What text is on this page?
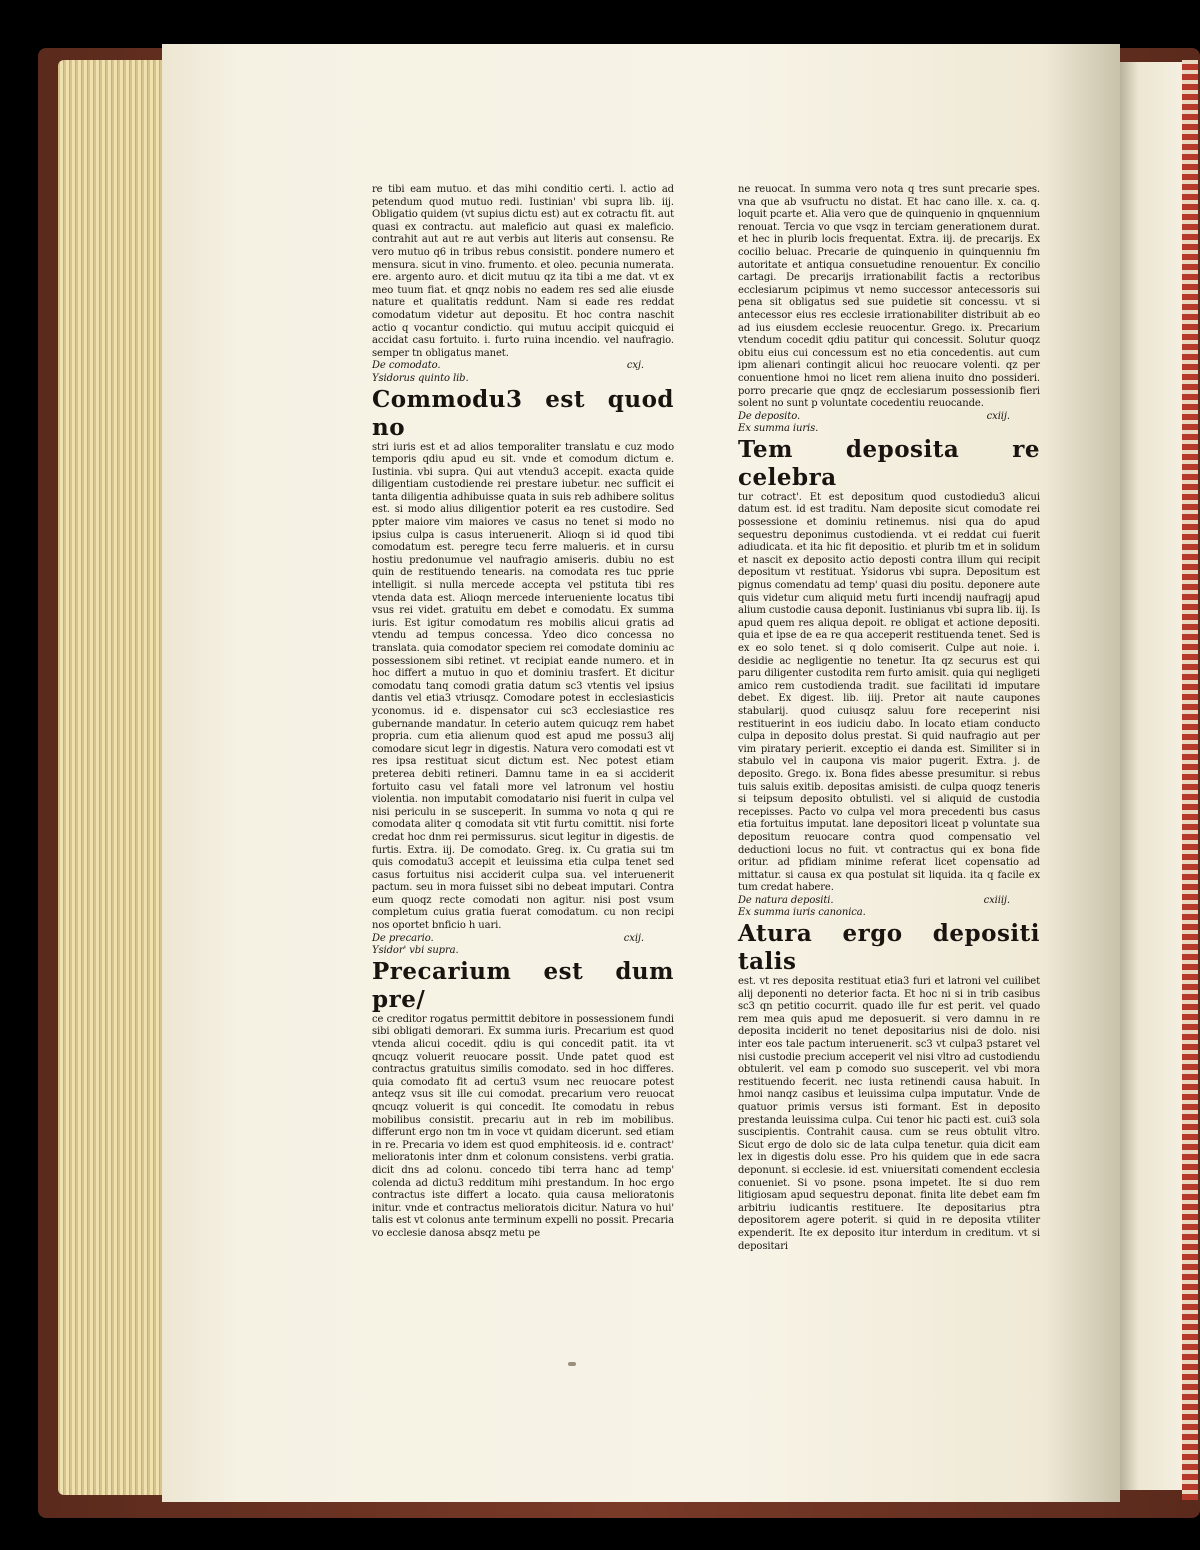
re tibi eam mutuo. et das mihi conditio certi. l. actio ad petendum quod mutuo redi. Iustinian' vbi supra lib. iij. Obligatio quidem (vt supius dictu est) aut ex cotractu fit. aut quasi ex contractu. aut maleficio aut quasi ex maleficio. contrahit aut aut re aut verbis aut literis aut consensu. Re vero mutuo q6 in tribus rebus consistit. pondere numero et mensura. sicut in vino. frumento. et oleo. pecunia numerata. ere. argento auro. et dicit mutuu qz ita tibi a me dat. vt ex meo tuum fiat. et qnqz nobis no eadem res sed alie eiusde nature et qualitatis reddunt. Nam si eade res reddat comodatum videtur aut depositu. Et hoc contra naschit actio q vocantur condictio. qui mutuu accipit quicquid ei accidat casu fortuito. i. furto ruina incendio. vel naufragio. semper tn obligatus manet.

cxj.
De comodato.

Ysidorus quinto lib.

Commodu3 est quod no

stri iuris est et ad alios temporaliter translatu e cuz modo temporis qdiu apud eu sit. vnde et comodum dictum e. Iustinia. vbi supra. Qui aut vtendu3 accepit. exacta quide diligentiam custodiende rei prestare iubetur. nec sufficit ei tanta diligentia adhibuisse quata in suis reb adhibere solitus est. si modo alius diligentior poterit ea res custodire. Sed ppter maiore vim maiores ve casus no tenet si modo no ipsius culpa is casus interuenerit. Alioqn si id quod tibi comodatum est. peregre tecu ferre malueris. et in cursu hostiu predonumue vel naufragio amiseris. dubiu no est quin de restituendo tenearis. na comodata res tuc pprie intelligit. si nulla mercede accepta vel pstituta tibi res vtenda data est. Alioqn mercede interueniente locatus tibi vsus rei videt. gratuitu em debet e comodatu. Ex summa iuris. Est igitur comodatum res mobilis alicui gratis ad vtendu ad tempus concessa. Ydeo dico concessa no translata. quia comodator speciem rei comodate dominiu ac possessionem sibi retinet. vt recipiat eande numero. et in hoc differt a mutuo in quo et dominiu trasfert. Et dicitur comodatu tanq comodi gratia datum sc3 vtentis vel ipsius dantis vel etia3 vtriusqz. Comodare potest in ecclesiasticis yconomus. id e. dispensator cui sc3 ecclesiastice res gubernande mandatur. In ceterio autem quicuqz rem habet propria. cum etia alienum quod est apud me possu3 alij comodare sicut legr in digestis. Natura vero comodati est vt res ipsa restituat sicut dictum est. Nec potest etiam preterea debiti retineri. Damnu tame in ea si acciderit fortuito casu vel fatali more vel latronum vel hostiu violentia. non imputabit comodatario nisi fuerit in culpa vel nisi periculu in se susceperit. In summa vo nota q qui re comodata aliter q comodata sit vtit furtu comittit. nisi forte credat hoc dnm rei permissurus. sicut legitur in digestis. de furtis. Extra. iij. De comodato. Greg. ix. Cu gratia sui tm quis comodatu3 accepit et leuissima etia culpa tenet sed casus fortuitus nisi acciderit culpa sua. vel interuenerit pactum. seu in mora fuisset sibi no debeat imputari. Contra eum quoqz recte comodati non agitur. nisi post vsum completum cuius gratia fuerat comodatum. cu non recipi nos oportet bnficio h uari.

cxij.
De precario.

Ysidor' vbi supra.

Precarium est dum pre/

ce creditor rogatus permittit debitore in possessionem fundi sibi obligati demorari. Ex summa iuris. Precarium est quod vtenda alicui cocedit. qdiu is qui concedit patit. ita vt qncuqz voluerit reuocare possit. Unde patet quod est contractus gratuitus similis comodato. sed in hoc differes. quia comodato fit ad certu3 vsum nec reuocare potest anteqz vsus sit ille cui comodat. precarium vero reuocat qncuqz voluerit is qui concedit. Ite comodatu in rebus mobilibus consistit. precariu aut in reb im mobilibus. differunt ergo non tm in voce vt quidam dicerunt. sed etiam in re. Precaria vo idem est quod emphiteosis. id e. contract' melioratonis inter dnm et colonum consistens. verbi gratia. dicit dns ad colonu. concedo tibi terra hanc ad temp' colenda ad dictu3 redditum mihi prestandum. In hoc ergo contractus iste differt a locato. quia causa melioratonis initur. vnde et contractus melioratois dicitur. Natura vo hui' talis est vt colonus ante terminum expelli no possit. Precaria vo ecclesie danosa absqz metu pe

ne reuocat. In summa vero nota q tres sunt precarie spes. vna que ab vsufructu no distat. Et hac cano ille. x. ca. q. loquit pcarte et. Alia vero que de quinquenio in qnquennium renouat. Tercia vo que vsqz in terciam generationem durat. et hec in plurib locis frequentat. Extra. iij. de precarijs. Ex cocilio beluac. Precarie de quinquenio in quinquenniu fm autoritate et antiqua consuetudine renouentur. Ex concilio cartagi. De precarijs irrationabilit factis a rectoribus ecclesiarum pcipimus vt nemo successor antecessoris sui pena sit obligatus sed sue puidetie sit concessu. vt si antecessor eius res ecclesie irrationabiliter distribuit ab eo ad ius eiusdem ecclesie reuocentur. Grego. ix. Precarium vtendum cocedit qdiu patitur qui concessit. Solutur quoqz obitu eius cui concessum est no etia concedentis. aut cum ipm alienari contingit alicui hoc reuocare volenti. qz per conuentione hmoi no licet rem aliena inuito dno possideri. porro precarie que qnqz de ecclesiarum possessionib fieri solent no sunt p voluntate cocedentiu reuocande.

cxiij.
De deposito.

Ex summa iuris.

Tem deposita re celebra

tur cotract'. Et est depositum quod custodiedu3 alicui datum est. id est traditu. Nam deposite sicut comodate rei possessione et dominiu retinemus. nisi qua do apud sequestru deponimus custodienda. vt ei reddat cui fuerit adiudicata. et ita hic fit depositio. et plurib tm et in solidum et nascit ex deposito actio deposti contra illum qui recipit depositum vt restituat. Ysidorus vbi supra. Depositum est pignus comendatu ad temp' quasi diu positu. deponere aute quis videtur cum aliquid metu furti incendij naufragij apud alium custodie causa deponit. Iustinianus vbi supra lib. iij. Is apud quem res aliqua depoit. re obligat et actione depositi. quia et ipse de ea re qua acceperit restituenda tenet. Sed is ex eo solo tenet. si q dolo comiserit. Culpe aut noie. i. desidie ac negligentie no tenetur. Ita qz securus est qui paru diligenter custodita rem furto amisit. quia qui negligeti amico rem custodienda tradit. sue facilitati id imputare debet. Ex digest. lib. iiij. Pretor ait naute caupones stabularij. quod cuiusqz saluu fore receperint nisi restituerint in eos iudiciu dabo. In locato etiam conducto culpa in deposito dolus prestat. Si quid naufragio aut per vim piratary perierit. exceptio ei danda est. Similiter si in stabulo vel in caupona vis maior pugerit. Extra. j. de deposito. Grego. ix. Bona fides abesse presumitur. si rebus tuis saluis exitib. depositas amisisti. de culpa quoqz teneris si teipsum deposito obtulisti. vel si aliquid de custodia recepisses. Pacto vo culpa vel mora precedenti bus casus etia fortuitus imputat. lane depositori liceat p voluntate sua depositum reuocare contra quod compensatio vel deductioni locus no fuit. vt contractus qui ex bona fide oritur. ad pfidiam minime referat licet copensatio ad mittatur. si causa ex qua postulat sit liquida. ita q facile ex tum credat habere.

cxiiij.
De natura depositi.

Ex summa iuris canonica.

Atura ergo depositi talis

est. vt res deposita restituat etia3 furi et latroni vel cuilibet alij deponenti no deterior facta. Et hoc ni si in trib casibus sc3 qn petitio cocurrit. quado ille fur est perit. vel quado rem mea quis apud me deposuerit. si vero damnu in re deposita inciderit no tenet depositarius nisi de dolo. nisi inter eos tale pactum interuenerit. sc3 vt culpa3 pstaret vel nisi custodie precium acceperit vel nisi vltro ad custodiendu obtulerit. vel eam p comodo suo susceperit. vel vbi mora restituendo fecerit. nec iusta retinendi causa habuit. In hmoi nanqz casibus et leuissima culpa imputatur. Vnde de quatuor primis versus isti formant. Est in deposito prestanda leuissima culpa. Cui tenor hic pacti est. cui3 sola suscipientis. Contrahit causa. cum se reus obtulit vltro. Sicut ergo de dolo sic de lata culpa tenetur. quia dicit eam lex in digestis dolu esse. Pro his quidem que in ede sacra deponunt. si ecclesie. id est. vniuersitati comendent ecclesia conueniet. Si vo psone. psona impetet. Ite si duo rem litigiosam apud sequestru deponat. finita lite debet eam fm arbitriu iudicantis restituere. Ite depositarius ptra depositorem agere poterit. si quid in re deposita vtiliter expenderit. Ite ex deposito itur interdum in creditum. vt si depositari
